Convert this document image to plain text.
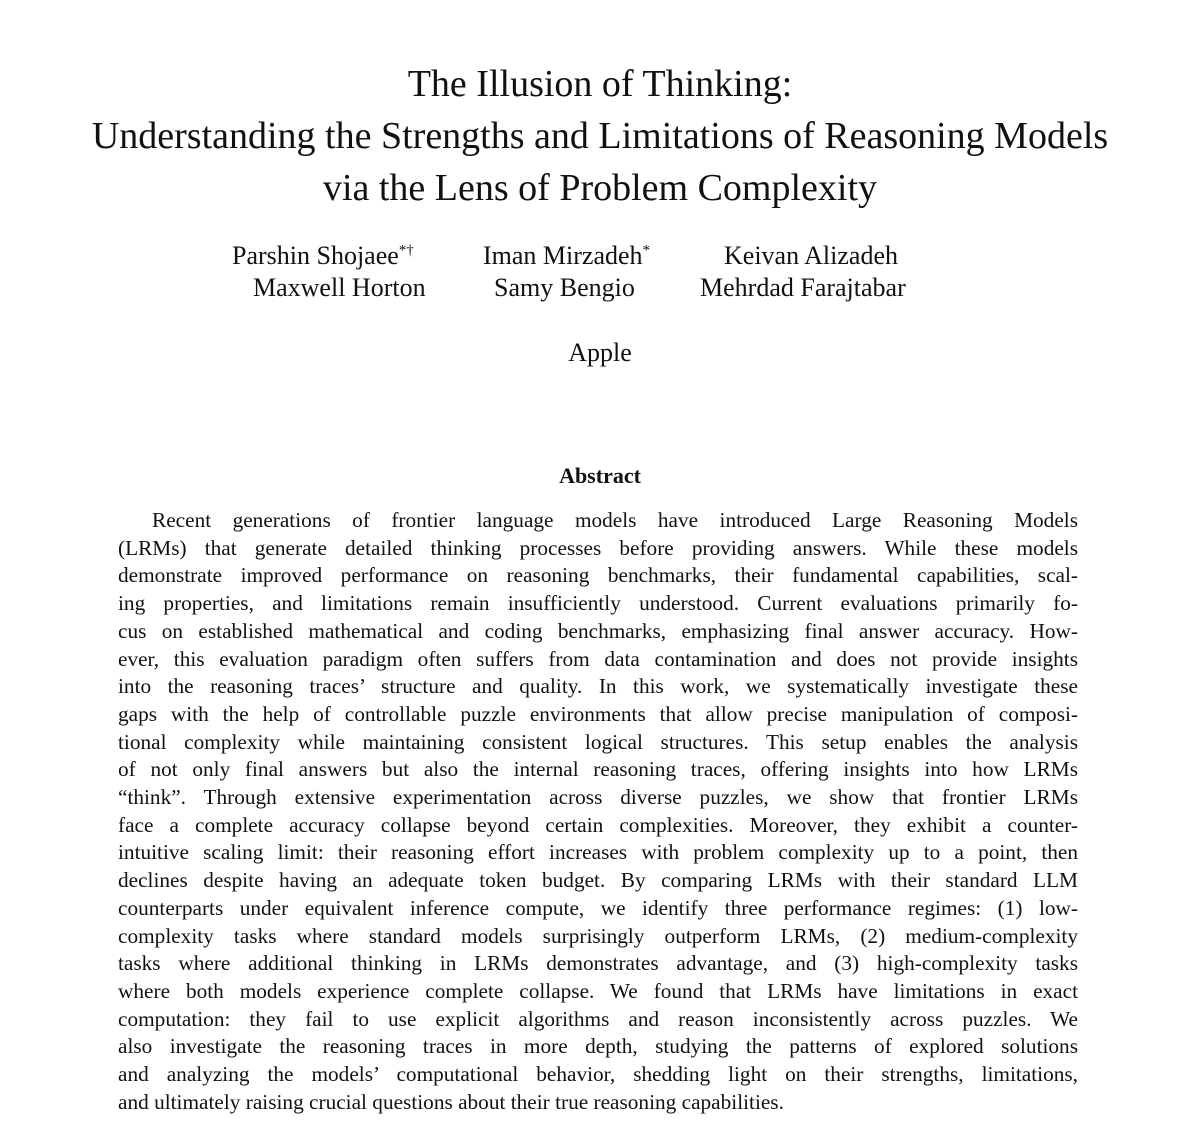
The Illusion of Thinking:
Understanding the Strengths and Limitations of Reasoning Models
via the Lens of Problem Complexity
Parshin Shojaee*†	Iman Mirzadeh*	Keivan Alizadeh
Maxwell Horton	Samy Bengio	Mehrdad Farajtabar
Apple
Abstract
Recent generations of frontier language models have introduced Large Reasoning Models
(LRMs) that generate detailed thinking processes before providing answers. While these models
demonstrate improved performance on reasoning benchmarks, their fundamental capabilities, scal-
ing properties, and limitations remain insufficiently understood. Current evaluations primarily fo-
cus on established mathematical and coding benchmarks, emphasizing final answer accuracy. How-
ever, this evaluation paradigm often suffers from data contamination and does not provide insights
into the reasoning traces’ structure and quality. In this work, we systematically investigate these
gaps with the help of controllable puzzle environments that allow precise manipulation of composi-
tional complexity while maintaining consistent logical structures. This setup enables the analysis
of not only final answers but also the internal reasoning traces, offering insights into how LRMs
“think”. Through extensive experimentation across diverse puzzles, we show that frontier LRMs
face a complete accuracy collapse beyond certain complexities. Moreover, they exhibit a counter-
intuitive scaling limit: their reasoning effort increases with problem complexity up to a point, then
declines despite having an adequate token budget. By comparing LRMs with their standard LLM
counterparts under equivalent inference compute, we identify three performance regimes: (1) low-
complexity tasks where standard models surprisingly outperform LRMs, (2) medium-complexity
tasks where additional thinking in LRMs demonstrates advantage, and (3) high-complexity tasks
where both models experience complete collapse. We found that LRMs have limitations in exact
computation: they fail to use explicit algorithms and reason inconsistently across puzzles. We
also investigate the reasoning traces in more depth, studying the patterns of explored solutions
and analyzing the models’ computational behavior, shedding light on their strengths, limitations,
and ultimately raising crucial questions about their true reasoning capabilities.
